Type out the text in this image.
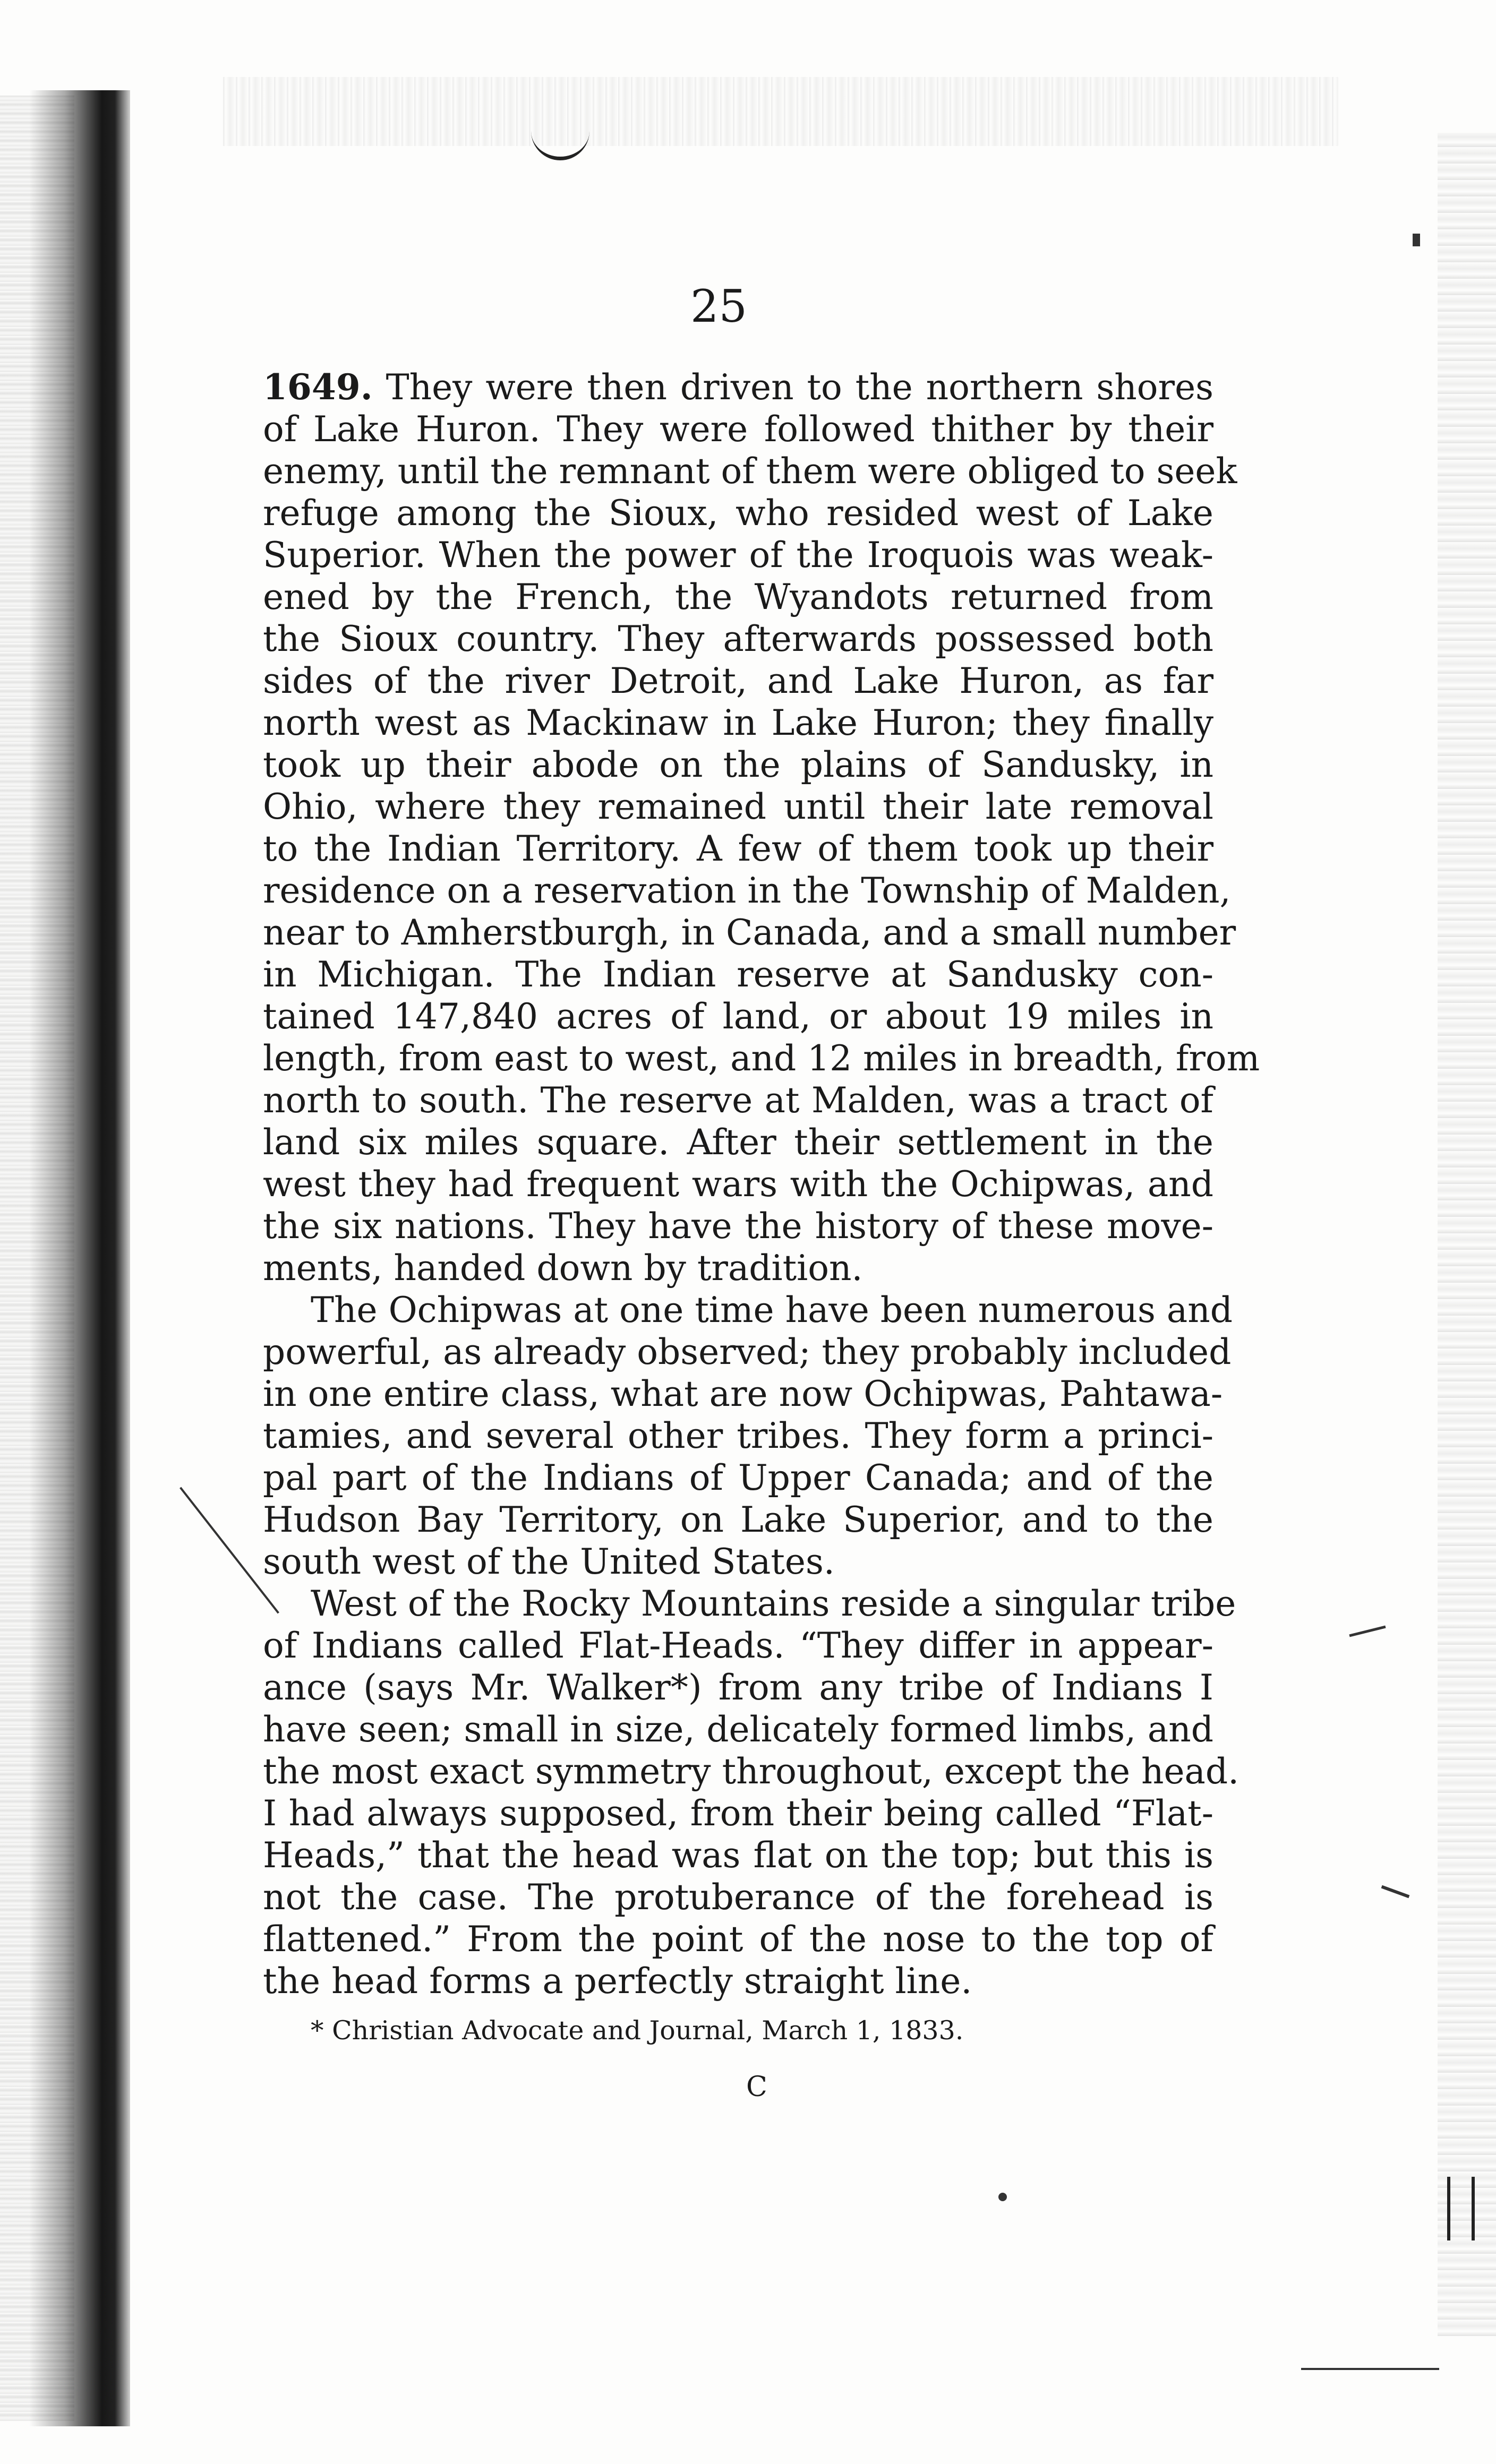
25
1649. They were then driven to the northern shores
of Lake Huron. They were followed thither by their
enemy, until the remnant of them were obliged to seek
refuge among the Sioux, who resided west of Lake
Superior. When the power of the Iroquois was weak-
ened by the French, the Wyandots returned from
the Sioux country. They afterwards possessed both
sides of the river Detroit, and Lake Huron, as far
north west as Mackinaw in Lake Huron; they finally
took up their abode on the plains of Sandusky, in
Ohio, where they remained until their late removal
to the Indian Territory. A few of them took up their
residence on a reservation in the Township of Malden,
near to Amherstburgh, in Canada, and a small number
in Michigan. The Indian reserve at Sandusky con-
tained 147,840 acres of land, or about 19 miles in
length, from east to west, and 12 miles in breadth, from
north to south. The reserve at Malden, was a tract of
land six miles square. After their settlement in the
west they had frequent wars with the Ochipwas, and
the six nations. They have the history of these move-
ments, handed down by tradition.
The Ochipwas at one time have been numerous and
powerful, as already observed; they probably included
in one entire class, what are now Ochipwas, Pahtawa-
tamies, and several other tribes. They form a princi-
pal part of the Indians of Upper Canada; and of the
Hudson Bay Territory, on Lake Superior, and to the
south west of the United States.
West of the Rocky Mountains reside a singular tribe
of Indians called Flat-Heads. “They differ in appear-
ance (says Mr. Walker*) from any tribe of Indians I
have seen; small in size, delicately formed limbs, and
the most exact symmetry throughout, except the head.
I had always supposed, from their being called “Flat-
Heads,” that the head was flat on the top; but this is
not the case. The protuberance of the forehead is
flattened.” From the point of the nose to the top of
the head forms a perfectly straight line.
* Christian Advocate and Journal, March 1, 1833.
C
